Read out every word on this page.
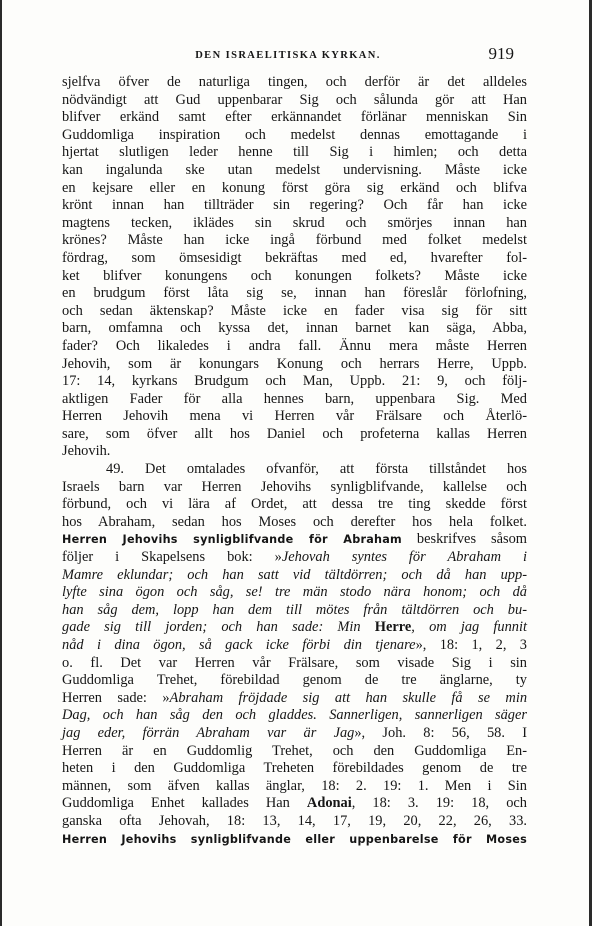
DEN ISRAELITISKA KYRKAN.	919

sjelfva öfver de naturliga tingen, och derför är det alldeles

nödvändigt att Gud uppenbarar Sig och sålunda gör att Han

blifver erkänd samt efter erkännandet förlänar menniskan Sin

Guddomliga inspiration och medelst dennas emottagande i

hjertat slutligen leder henne till Sig i himlen; och detta

kan ingalunda ske utan medelst undervisning. Måste icke

en kejsare eller en konung först göra sig erkänd och blifva

krönt innan han tillträder sin regering? Och får han icke

magtens tecken, iklädes sin skrud och smörjes innan han

krönes? Måste han icke ingå förbund med folket medelst

fördrag, som ömsesidigt bekräftas med ed, hvarefter fol-

ket blifver konungens och konungen folkets? Måste icke

en brudgum först låta sig se, innan han föreslår förlofning,

och sedan äktenskap? Måste icke en fader visa sig för sitt

barn, omfamna och kyssa det, innan barnet kan säga, Abba,

fader? Och likaledes i andra fall. Ännu mera måste Herren

Jehovih, som är konungars Konung och herrars Herre, Uppb.

17: 14, kyrkans Brudgum och Man, Uppb. 21: 9, och följ-

aktligen Fader för alla hennes barn, uppenbara Sig. Med

Herren Jehovih mena vi Herren vår Frälsare och Återlö-

sare, som öfver allt hos Daniel och profeterna kallas Herren

Jehovih.

49. Det omtalades ofvanför, att första tillståndet hos

Israels barn var Herren Jehovihs synligblifvande, kallelse och

förbund, och vi lära af Ordet, att dessa tre ting skedde först

hos Abraham, sedan hos Moses och derefter hos hela folket.

Herren Jehovihs synligblifvande för Abraham beskrifves såsom

följer i Skapelsens bok: »Jehovah syntes för Abraham i

Mamre eklundar; och han satt vid tältdörren; och då han upp-

lyfte sina ögon och såg, se! tre män stodo nära honom; och då

han såg dem, lopp han dem till mötes från tältdörren och bu-

gade sig till jorden; och han sade: Min Herre, om jag funnit

nåd i dina ögon, så gack icke förbi din tjenare», 18: 1, 2, 3

o. fl. Det var Herren vår Frälsare, som visade Sig i sin

Guddomliga Trehet, förebildad genom de tre änglarne, ty

Herren sade: »Abraham fröjdade sig att han skulle få se min

Dag, och han såg den och gladdes. Sannerligen, sannerligen säger

jag eder, förrän Abraham var är Jag», Joh. 8: 56, 58. I

Herren är en Guddomlig Trehet, och den Guddomliga En-

heten i den Guddomliga Treheten förebildades genom de tre

männen, som äfven kallas änglar, 18: 2. 19: 1. Men i Sin

Guddomliga Enhet kallades Han Adonai, 18: 3. 19: 18, och

ganska ofta Jehovah, 18: 13, 14, 17, 19, 20, 22, 26, 33.

Herren Jehovihs synligblifvande eller uppenbarelse för Moses
